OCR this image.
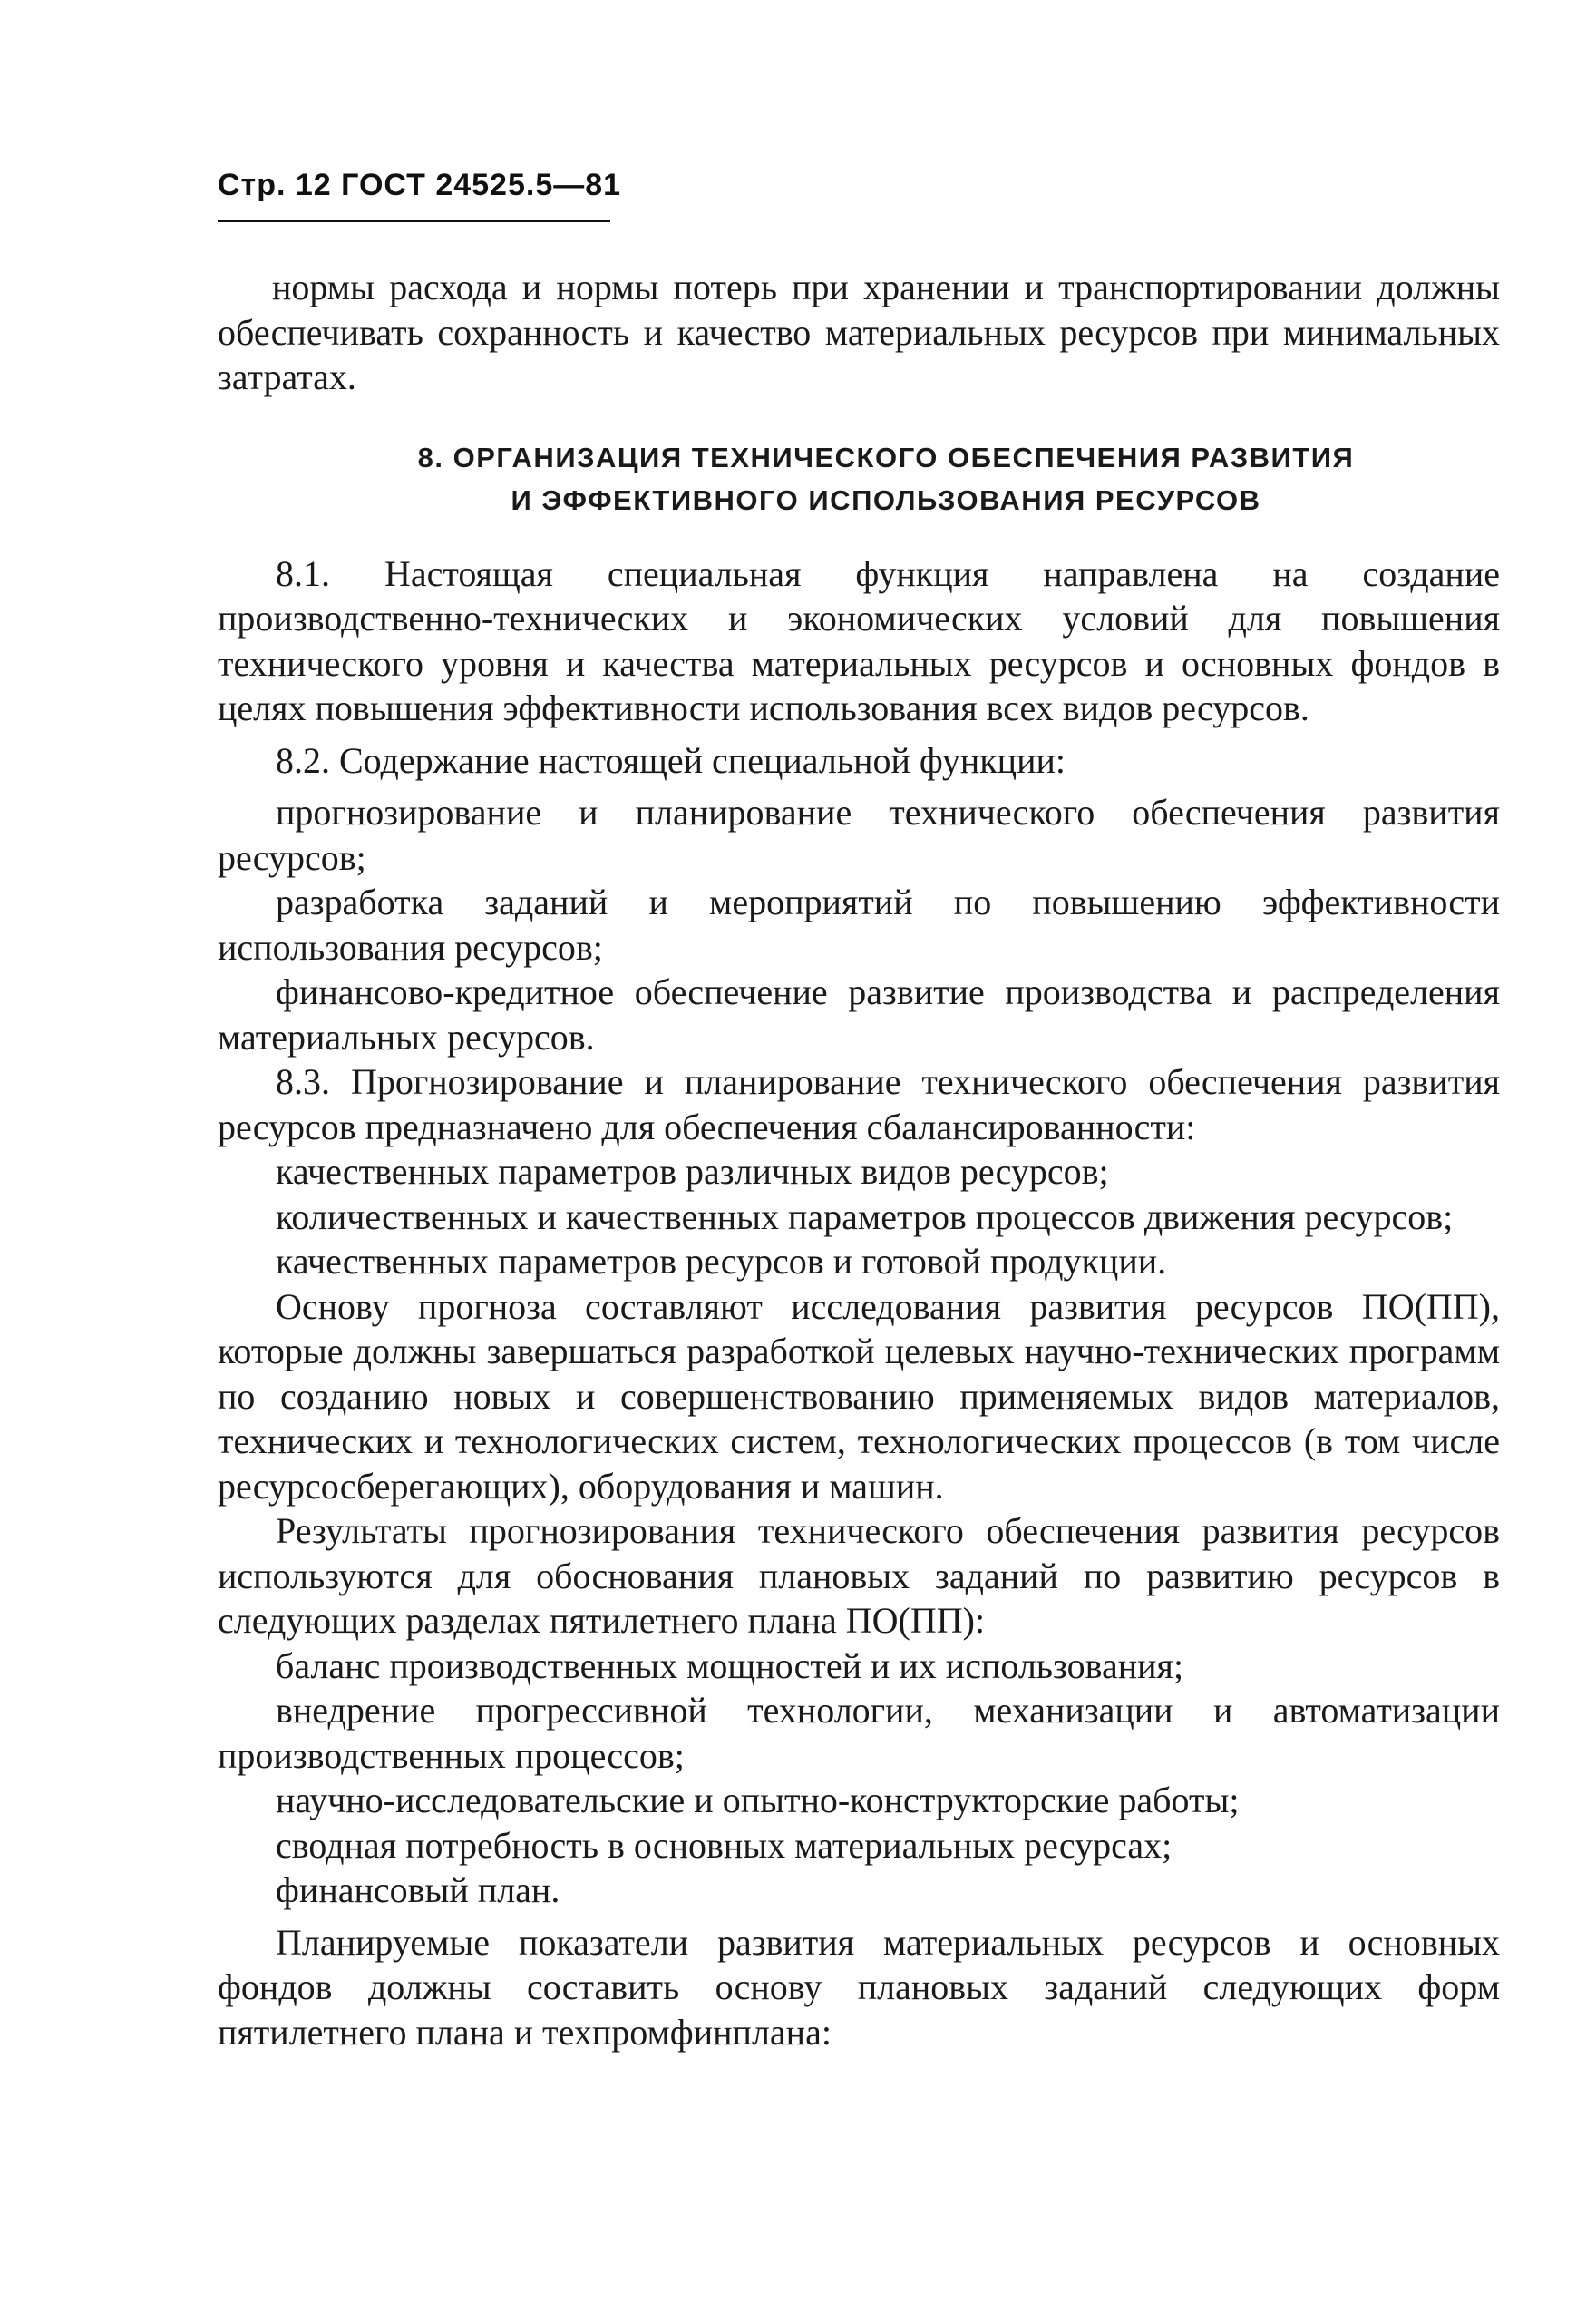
Стр. 12 ГОСТ 24525.5—81

нормы расхода и нормы потерь при хранении и транспортировании должны обеспечивать сохранность и качество материальных ресурсов при минимальных затратах.

8. ОРГАНИЗАЦИЯ ТЕХНИЧЕСКОГО ОБЕСПЕЧЕНИЯ РАЗВИТИЯ
И ЭФФЕКТИВНОГО ИСПОЛЬЗОВАНИЯ РЕСУРСОВ

8.1. Настоящая специальная функция направлена на создание производственно-технических и экономических условий для повышения технического уровня и качества материальных ресурсов и основных фондов в целях повышения эффективности использования всех видов ресурсов.

8.2. Содержание настоящей специальной функции:

прогнозирование и планирование технического обеспечения развития ресурсов;

разработка заданий и мероприятий по повышению эффективности использования ресурсов;

финансово-кредитное обеспечение развитие производства и распределения материальных ресурсов.

8.3. Прогнозирование и планирование технического обеспечения развития ресурсов предназначено для обеспечения сбалансированности:

качественных параметров различных видов ресурсов;

количественных и качественных параметров процессов движения ресурсов;

качественных параметров ресурсов и готовой продукции.

Основу прогноза составляют исследования развития ресурсов ПО(ПП), которые должны завершаться разработкой целевых научно-технических программ по созданию новых и совершенствованию применяемых видов материалов, технических и технологических систем, технологических процессов (в том числе ресурсосберегающих), оборудования и машин.

Результаты прогнозирования технического обеспечения развития ресурсов используются для обоснования плановых заданий по развитию ресурсов в следующих разделах пятилетнего плана ПО(ПП):

баланс производственных мощностей и их использования;

внедрение прогрессивной технологии, механизации и автоматизации производственных процессов;

научно-исследовательские и опытно-конструкторские работы;

сводная потребность в основных материальных ресурсах;

финансовый план.

Планируемые показатели развития материальных ресурсов и основных фондов должны составить основу плановых заданий следующих форм пятилетнего плана и техпромфинплана:
